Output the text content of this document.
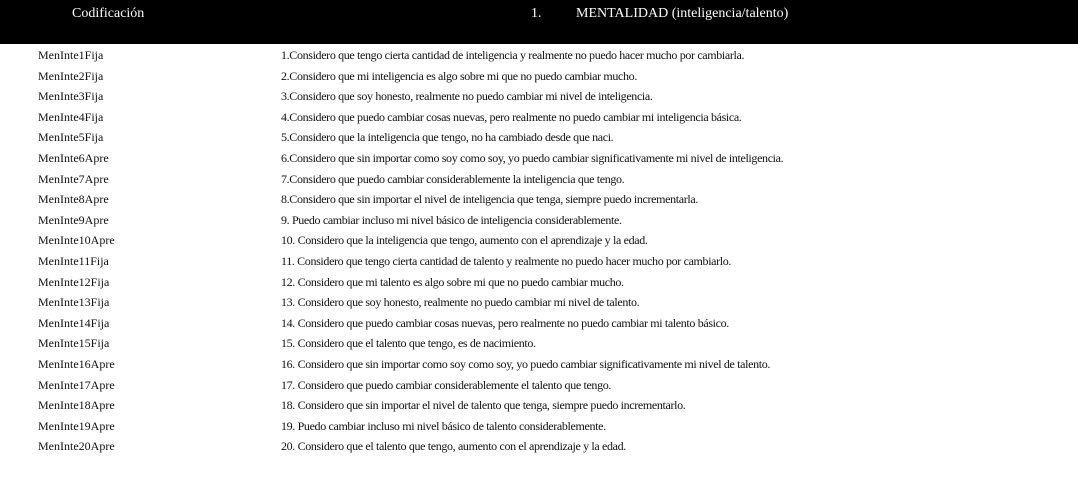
Codificación	1. MENTALIDAD (inteligencia/talento)
MenInte1Fija	1.Considero que tengo cierta cantidad de inteligencia y realmente no puedo hacer mucho por cambiarla.
MenInte2Fija	2.Considero que mi inteligencia es algo sobre mi que no puedo cambiar mucho.
MenInte3Fija	3.Considero que soy honesto, realmente no puedo cambiar mi nivel de inteligencia.
MenInte4Fija	4.Considero que puedo cambiar cosas nuevas, pero realmente no puedo cambiar mi inteligencia básica.
MenInte5Fija	5.Considero que la inteligencia que tengo, no ha cambiado desde que naci.
MenInte6Apre	6.Considero que sin importar como soy como soy, yo puedo cambiar significativamente mi nivel de inteligencia.
MenInte7Apre	7.Considero que puedo cambiar considerablemente la inteligencia que tengo.
MenInte8Apre	8.Considero que sin importar el nivel de inteligencia que tenga, siempre puedo incrementarla.
MenInte9Apre	9. Puedo cambiar incluso mi nivel básico de inteligencia considerablemente.
MenInte10Apre	10. Considero que la inteligencia que tengo, aumento con el aprendizaje y la edad.
MenInte11Fija	11. Considero que tengo cierta cantidad de talento y realmente no puedo hacer mucho por cambiarlo.
MenInte12Fija	12. Considero que mi talento es algo sobre mi que no puedo cambiar mucho.
MenInte13Fija	13. Considero que soy honesto, realmente no puedo cambiar mi nivel de talento.
MenInte14Fija	14. Considero que puedo cambiar cosas nuevas, pero realmente no puedo cambiar mi talento básico.
MenInte15Fija	15. Considero que el talento que tengo, es de nacimiento.
MenInte16Apre	16. Considero que sin importar como soy como soy, yo puedo cambiar significativamente mi nivel de talento.
MenInte17Apre	17. Considero que puedo cambiar considerablemente el talento que tengo.
MenInte18Apre	18. Considero que sin importar el nivel de talento que tenga, siempre puedo incrementarlo.
MenInte19Apre	19. Puedo cambiar incluso mi nivel básico de talento considerablemente.
MenInte20Apre	20. Considero que el talento que tengo, aumento con el aprendizaje y la edad.
